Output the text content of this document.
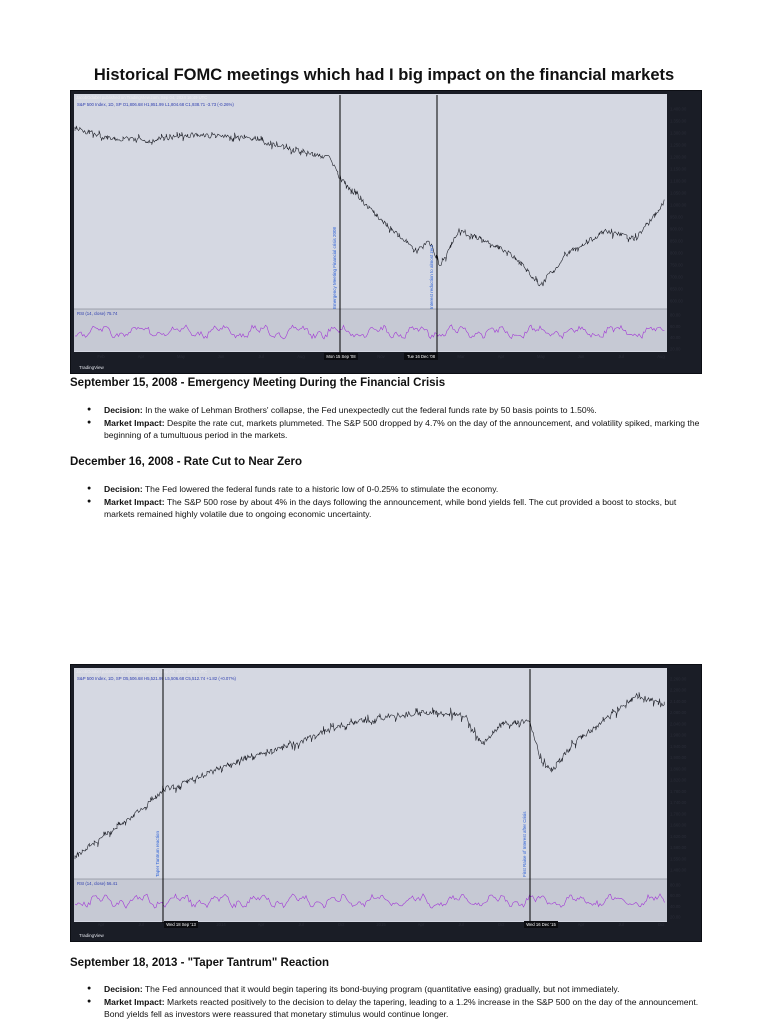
Historical FOMC meetings which had I big impact on the financial markets
JacobOdabel published on TradingView.com, Sep 04, 2024 16:49 UTC
S&P 500 Index, 1D, SP O1,806.68 H1,951.99 L1,804.68 C1,938.71 -3.73 (-0.26%)
RSI (14, close) 75.74
1,400.00
1,350.00
1,300.00
1,250.00
1,200.00
1,150.00
1,100.00
1,050.00
1,000.00
950.00
900.00
850.00
800.00
750.00
700.00
650.00
600.00
80.00
60.00
40.00
20.00
Emergency Meeting Financial crisis 2008	Interest reduction to almost zero
Feb	Apr	May	Jun	Jul	Aug	Mon 15 Sep '08	Nov	Tue 16 Dec '08	Mar	Apr	May	Jun	Jul	Aug
TradingView
September 15, 2008 - Emergency Meeting During the Financial Crisis
● Decision: In the wake of Lehman Brothers' collapse, the Fed unexpectedly cut the federal funds rate by 50 basis points to 1.50%.
● Market Impact: Despite the rate cut, markets plummeted. The S&P 500 dropped by 4.7% on the day of the announcement, and volatility spiked, marking the beginning of a tumultuous period in the markets.
December 16, 2008 - Rate Cut to Near Zero
● Decision: The Fed lowered the federal funds rate to a historic low of 0-0.25% to stimulate the economy.
● Market Impact: The S&P 500 rose by about 4% in the days following the announcement, while bond yields fell. The cut provided a boost to stocks, but markets remained highly volatile due to ongoing economic uncertainty.
JacobOdabel published on TradingView.com, Sep 04, 2024 16:52 UTC
S&P 500 Index, 1D, SP O5,506.68 H5,521.99 L5,506.68 C5,512.74 +1.82 (+0.07%)
RSI (14, close) 56.41
2,260.00
2,200.00
2,140.00
2,080.00
2,040.00
1,980.00
1,940.00
1,900.00
1,860.00
1,820.00
1,780.00
1,740.00
1,700.00
1,660.00
1,620.00
1,580.00
1,550.00
1,480.00
80.00
60.00
40.00
20.00
Taper Tantrum reaction	First Raise of Interest after Crisis
Apr	Jul	Wed 18 Sep '13	2014	Apr	Jul	Oct	2015	Apr	Jul	Oct	Wed 16 Dec '15	Apr	Jul	Oct
TradingView
September 18, 2013 - "Taper Tantrum" Reaction
● Decision: The Fed announced that it would begin tapering its bond-buying program (quantitative easing) gradually, but not immediately.
● Market Impact: Markets reacted positively to the decision to delay the tapering, leading to a 1.2% increase in the S&P 500 on the day of the announcement. Bond yields fell as investors were reassured that monetary stimulus would continue longer.
